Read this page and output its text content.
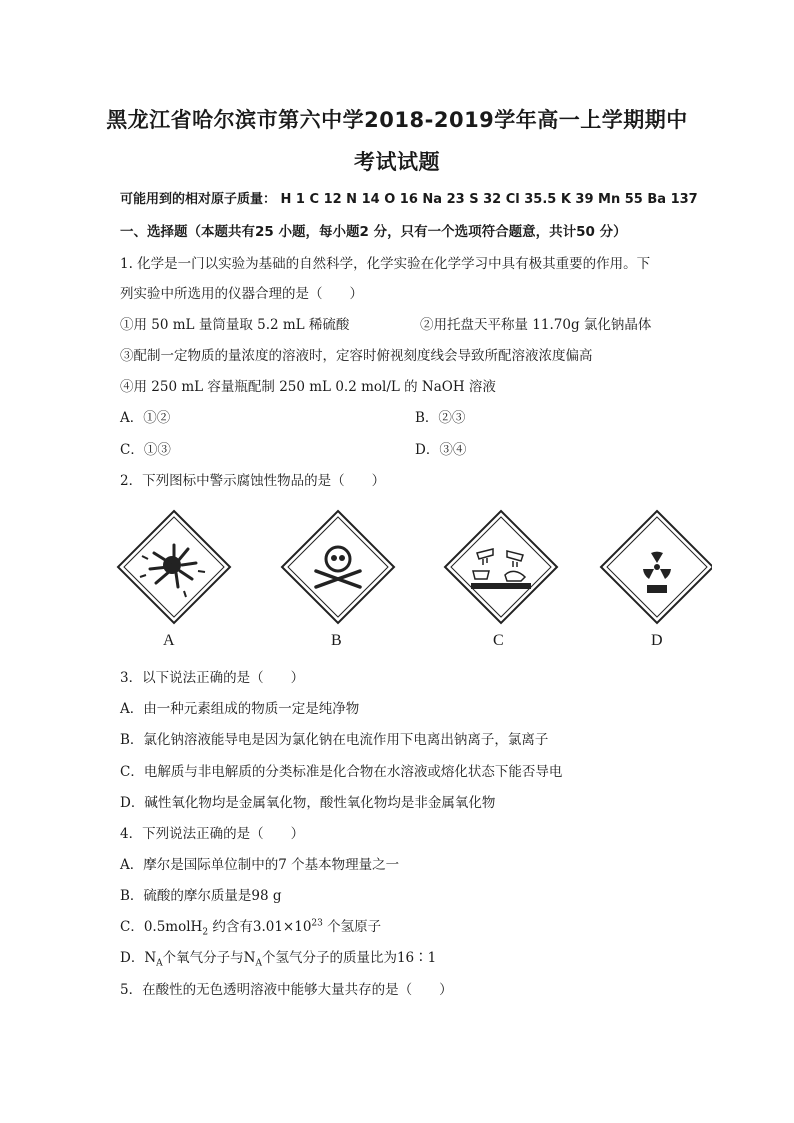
黑龙江省哈尔滨市第六中学2018-2019学年高一上学期期中
考试试题
可能用到的相对原子质量： H 1 C 12 N 14 O 16 Na 23 S 32 Cl 35.5 K 39 Mn 55 Ba 137
一、选择题（本题共有25 小题，每小题2 分，只有一个选项符合题意，共计50 分）
1. 化学是一门以实验为基础的自然科学，化学实验在化学学习中具有极其重要的作用。下
列实验中所选用的仪器合理的是（　　）
①用 50 mL 量筒量取 5.2 mL 稀硫酸	②用托盘天平称量 11.70g 氯化钠晶体
③配制一定物质的量浓度的溶液时，定容时俯视刻度线会导致所配溶液浓度偏高
④用 250 mL 容量瓶配制 250 mL 0.2 mol/L 的 NaOH 溶液
A．①②	B．②③
C．①③	D．③④
2．下列图标中警示腐蚀性物品的是（　　）
A	B	C	D
3．以下说法正确的是（　　）
A．由一种元素组成的物质一定是纯净物
B．氯化钠溶液能导电是因为氯化钠在电流作用下电离出钠离子，氯离子
C．电解质与非电解质的分类标准是化合物在水溶液或熔化状态下能否导电
D．碱性氧化物均是金属氧化物，酸性氧化物均是非金属氧化物
4．下列说法正确的是（　　）
A．摩尔是国际单位制中的7 个基本物理量之一
B．硫酸的摩尔质量是98 g
C．0.5molH$_2$ 约含有$3.01\times 10^{23}$ 个氢原子
D．$N_A$个氧气分子与$N_A$个氢气分子的质量比为16∶1
5．在酸性的无色透明溶液中能够大量共存的是（　　）
